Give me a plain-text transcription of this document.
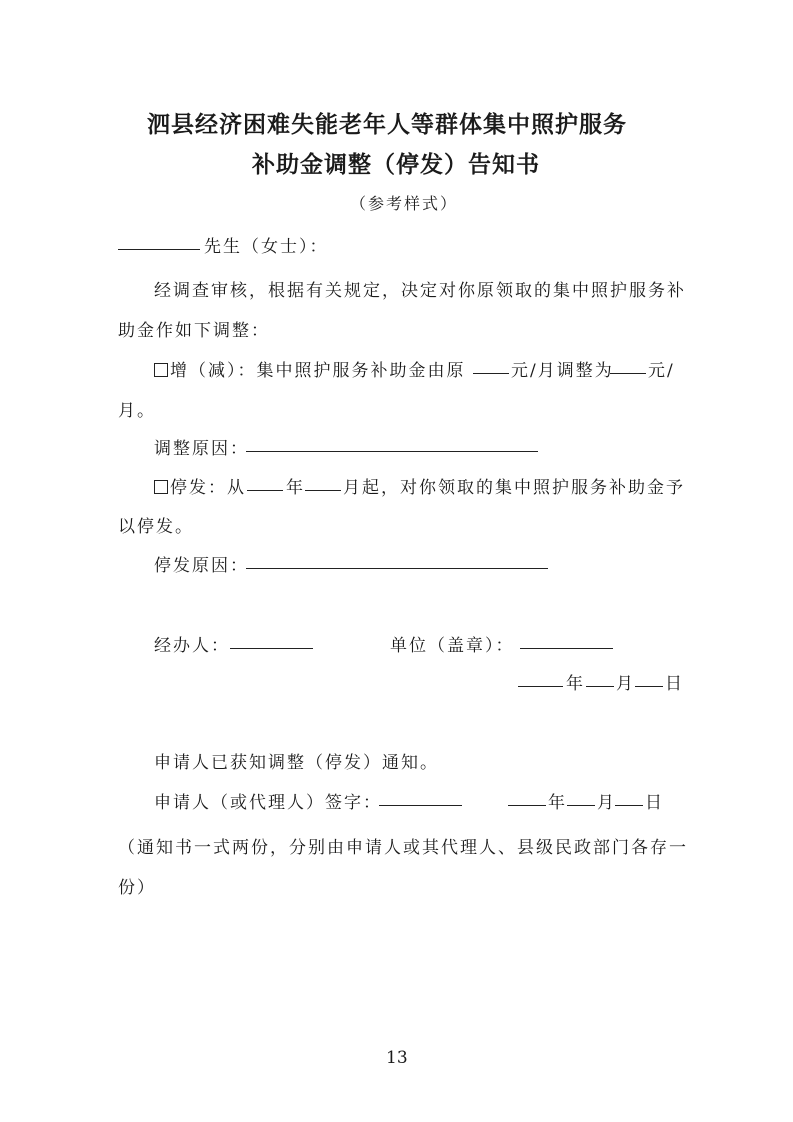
泗县经济困难失能老年人等群体集中照护服务
补助金调整（停发）告知书
（参考样式）
先生（女士）：
经调查审核，根据有关规定，决定对你原领取的集中照护服务补
助金作如下调整：
增（减）：集中照护服务补助金由原	元/月调整为 元/
月。
调整原因：
停发：从 年 月起，对你领取的集中照护服务补助金予
以停发。
停发原因：
经办人：	单位（盖章）：
年 月 日
申请人已获知调整（停发）通知。
申请人（或代理人）签字：	年 月 日
（通知书一式两份，分别由申请人或其代理人、县级民政部门各存一
份）
13
